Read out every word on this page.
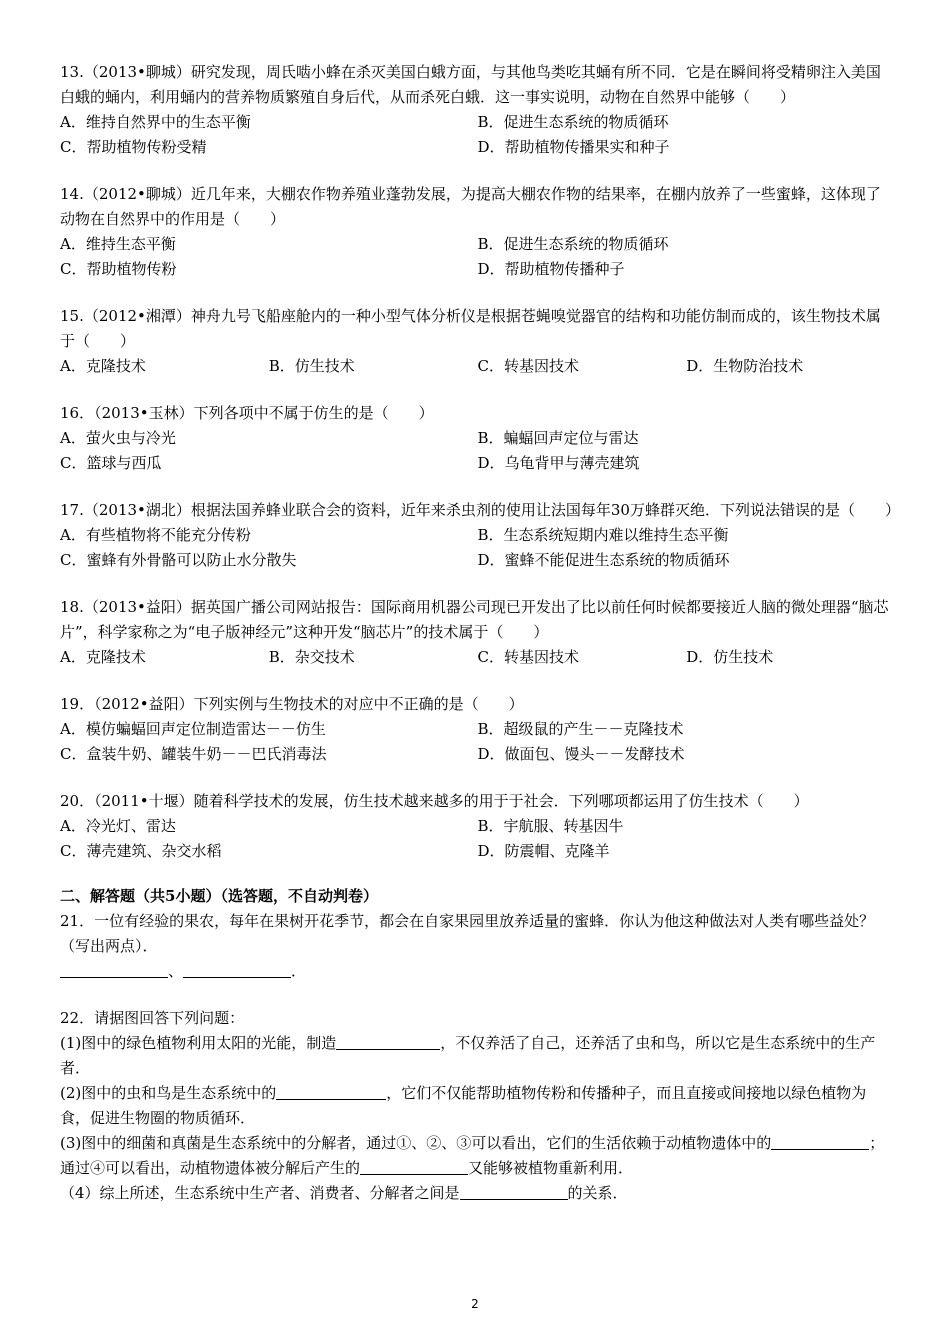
13.（2013•聊城）研究发现，周氏啮小蜂在杀灭美国白蛾方面，与其他鸟类吃其蛹有所不同．它是在瞬间将受精卵注入美国白蛾的蛹内，利用蛹内的营养物质繁殖自身后代，从而杀死白蛾．这一事实说明，动物在自然界中能够（　　）

A．维持自然界中的生态平衡	B．促进生态系统的物质循环
C．帮助植物传粉受精	D．帮助植物传播果实和种子

14.（2012•聊城）近几年来，大棚农作物养殖业蓬勃发展，为提高大棚农作物的结果率，在棚内放养了一些蜜蜂，这体现了动物在自然界中的作用是（　　）

A．维持生态平衡	B．促进生态系统的物质循环
C．帮助植物传粉	D．帮助植物传播种子

15.（2012•湘潭）神舟九号飞船座舱内的一种小型气体分析仪是根据苍蝇嗅觉器官的结构和功能仿制而成的，该生物技术属于（　　）

A．克隆技术	B．仿生技术	C．转基因技术	D．生物防治技术

16．（2013•玉林）下列各项中不属于仿生的是（　　）

A．萤火虫与冷光	B．蝙蝠回声定位与雷达
C．篮球与西瓜	D．乌龟背甲与薄壳建筑

17.（2013•湖北）根据法国养蜂业联合会的资料，近年来杀虫剂的使用让法国每年30万蜂群灭绝．下列说法错误的是（　　）

A．有些植物将不能充分传粉	B．生态系统短期内难以维持生态平衡
C．蜜蜂有外骨骼可以防止水分散失	D．蜜蜂不能促进生态系统的物质循环

18.（2013•益阳）据英国广播公司网站报告：国际商用机器公司现已开发出了比以前任何时候都要接近人脑的微处理器“脑芯片”，科学家称之为“电子版神经元”这种开发“脑芯片”的技术属于（　　）

A．克隆技术	B．杂交技术	C．转基因技术	D．仿生技术

19．（2012•益阳）下列实例与生物技术的对应中不正确的是（　　）

A．模仿蝙蝠回声定位制造雷达－－仿生	B．超级鼠的产生－－克隆技术
C．盒装牛奶、罐装牛奶－－巴氏消毒法	D．做面包、馒头－－发酵技术

20．（2011•十堰）随着科学技术的发展，仿生技术越来越多的用于于社会．下列哪项都运用了仿生技术（　　）

A．冷光灯、雷达	B．宇航服、转基因牛
C．薄壳建筑、杂交水稻	D．防震帽、克隆羊
二、解答题（共5小题）（选答题，不自动判卷）

21．一位有经验的果农，每年在果树开花季节，都会在自家果园里放养适量的蜜蜂．你认为他这种做法对人类有哪些益处？（写出两点）．

、	．

22．请据图回答下列问题：

(1)图中的绿色植物利用太阳的光能，制造	，不仅养活了自己，还养活了虫和鸟，所以它是生态系统中的生产者．

(2)图中的虫和鸟是生态系统中的	，它们不仅能帮助植物传粉和传播种子，而且直接或间接地以绿色植物为食，促进生物圈的物质循环．

(3)图中的细菌和真菌是生态系统中的分解者，通过①、②、③可以看出，它们的生活依赖于动植物遗体中的	；通过④可以看出，动植物遗体被分解后产生的	又能够被植物重新利用．

（4）综上所述，生态系统中生产者、消费者、分解者之间是	的关系．

2
